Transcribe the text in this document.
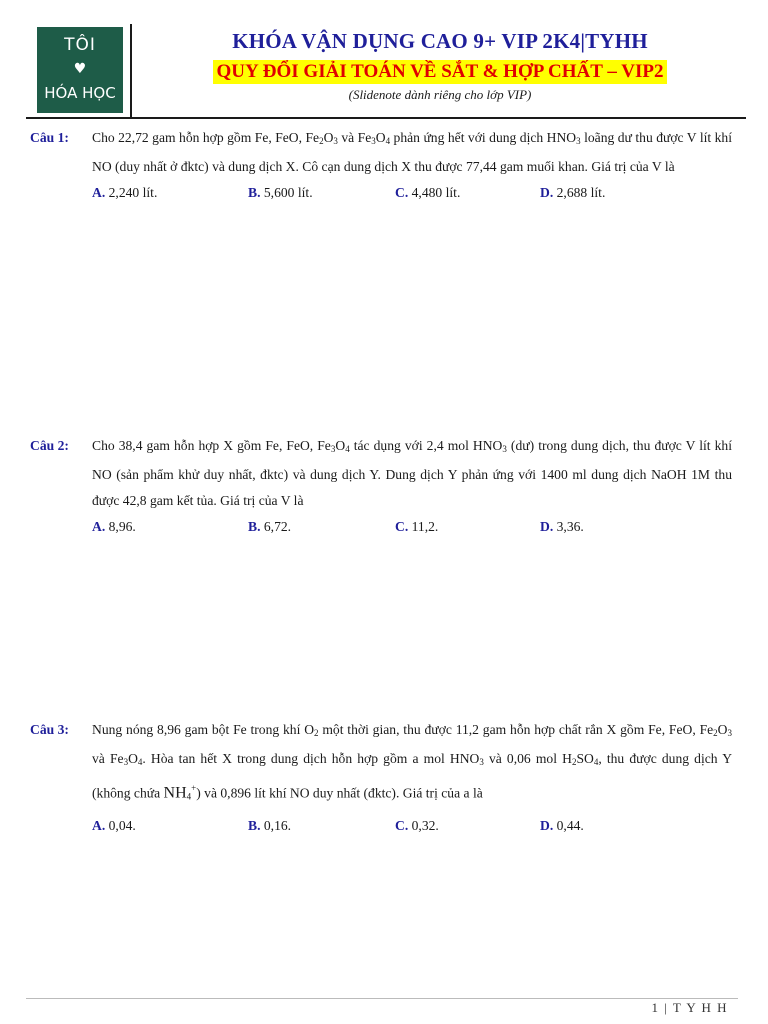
TÔI
♥
HÓA HỌC
KHÓA VẬN DỤNG CAO 9+ VIP 2K4|TYHH
QUY ĐỔI GIẢI TOÁN VỀ SẮT & HỢP CHẤT – VIP2
(Slidenote dành riêng cho lớp VIP)
Câu 1: Cho 22,72 gam hỗn hợp gồm Fe, FeO, $Fe_2O_3$ và $Fe_3O_4$ phản ứng hết với dung dịch $HNO_3$ loãng dư thu được V lít khí NO (duy nhất ở đktc) và dung dịch X. Cô cạn dung dịch X thu được 77,44 gam muối khan. Giá trị của V là
A. 2,240 lít.	B. 5,600 lít.	C. 4,480 lít.	D. 2,688 lít.
Câu 2: Cho 38,4 gam hỗn hợp X gồm Fe, FeO, $Fe_3O_4$ tác dụng với 2,4 mol $HNO_3$ (dư) trong dung dịch, thu được V lít khí NO (sản phẩm khử duy nhất, đktc) và dung dịch Y. Dung dịch Y phản ứng với 1400 ml dung dịch NaOH 1M thu được 42,8 gam kết tủa. Giá trị của V là
A. 8,96.	B. 6,72.	C. 11,2.	D. 3,36.
Câu 3: Nung nóng 8,96 gam bột Fe trong khí $O_2$ một thời gian, thu được 11,2 gam hỗn hợp chất rắn X gồm Fe, FeO, $Fe_2O_3$ và $Fe_3O_4$. Hòa tan hết X trong dung dịch hỗn hợp gồm a mol $HNO_3$ và 0,06 mol $H_2SO_4$, thu được dung dịch Y (không chứa $NH_4^+$) và 0,896 lít khí NO duy nhất (đktc). Giá trị của a là
A. 0,04.	B. 0,16.	C. 0,32.	D. 0,44.
1 | T Y H H
